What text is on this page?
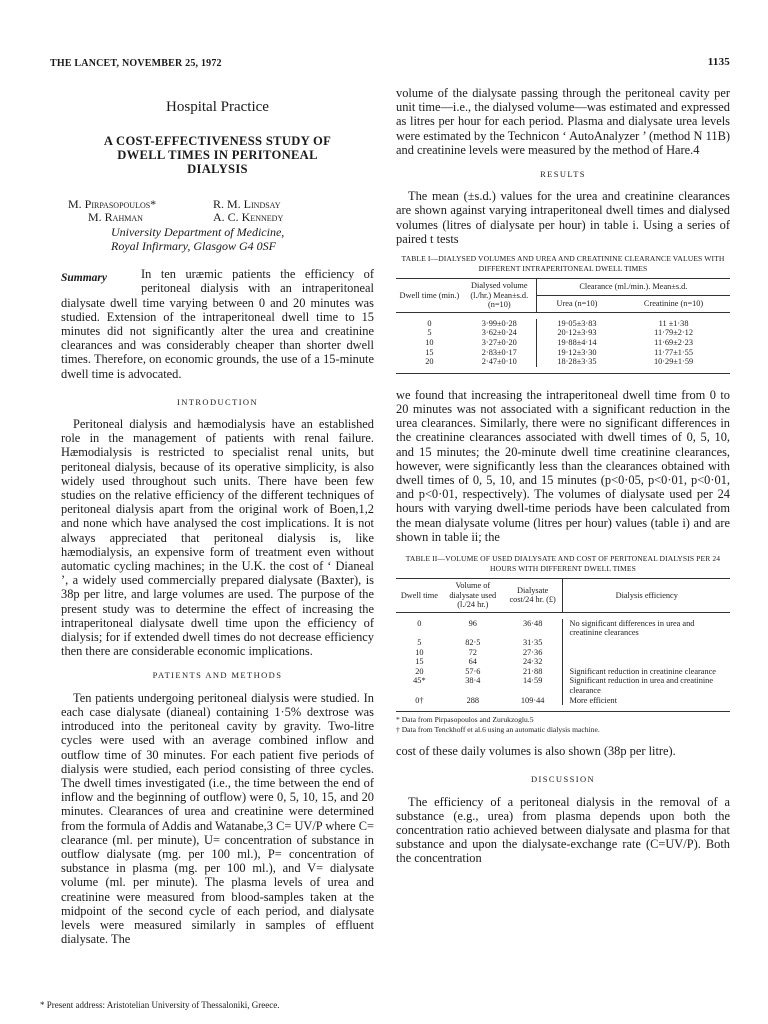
THE LANCET, NOVEMBER 25, 1972	1135
Hospital Practice
A COST-EFFECTIVENESS STUDY OF
DWELL TIMES IN PERITONEAL
DIALYSIS
M. Pirpasopoulos*	R. M. Lindsay
M. Rahman	A. C. Kennedy
University Department of Medicine,
Royal Infirmary, Glasgow G4 0SF
Summary	In ten uræmic patients the efficiency of peritoneal dialysis with an intraperitoneal dialysate dwell time varying between 0 and 20 minutes was studied. Extension of the intraperitoneal dwell time to 15 minutes did not significantly alter the urea and creatinine clearances and was considerably cheaper than shorter dwell times. Therefore, on economic grounds, the use of a 15-minute dwell time is advocated.

INTRODUCTION

Peritoneal dialysis and hæmodialysis have an established role in the management of patients with renal failure. Hæmodialysis is restricted to specialist renal units, but peritoneal dialysis, because of its operative simplicity, is also widely used throughout such units. There have been few studies on the relative efficiency of the different techniques of peritoneal dialysis apart from the original work of Boen,1,2 and none which have analysed the cost implications. It is not always appreciated that peritoneal dialysis is, like hæmodialysis, an expensive form of treatment even without automatic cycling machines; in the U.K. the cost of ‘ Dianeal ’, a widely used commercially prepared dialysate (Baxter), is 38p per litre, and large volumes are used. The purpose of the present study was to determine the effect of increasing the intraperitoneal dialysate dwell time upon the efficiency of dialysis; for if extended dwell times do not decrease efficiency then there are considerable economic implications.

PATIENTS AND METHODS

Ten patients undergoing peritoneal dialysis were studied. In each case dialysate (dianeal) containing 1·5% dextrose was introduced into the peritoneal cavity by gravity. Two-litre cycles were used with an average combined inflow and outflow time of 30 minutes. For each patient five periods of dialysis were studied, each period consisting of three cycles. The dwell times investigated (i.e., the time between the end of inflow and the beginning of outflow) were 0, 5, 10, 15, and 20 minutes. Clearances of urea and creatinine were determined from the formula of Addis and Watanabe,3 C= UV/P where C= clearance (ml. per minute), U= concentration of substance in outflow dialysate (mg. per 100 ml.), P= concentration of substance in plasma (mg. per 100 ml.), and V= dialysate volume (ml. per minute). The plasma levels of urea and creatinine were measured from blood-samples taken at the midpoint of the second cycle of each period, and dialysate levels were measured similarly in samples of effluent dialysate. The

* Present address: Aristotelian University of Thessaloniki, Greece.

volume of the dialysate passing through the peritoneal cavity per unit time—i.e., the dialysed volume—was estimated and expressed as litres per hour for each period. Plasma and dialysate urea levels were estimated by the Technicon ‘ AutoAnalyzer ’ (method N 11B) and creatinine levels were measured by the method of Hare.4

RESULTS

The mean (±s.d.) values for the urea and creatinine clearances are shown against varying intraperitoneal dwell times and dialysed volumes (litres of dialysate per hour) in table i. Using a series of paired t tests

TABLE I—DIALYSED VOLUMES AND UREA AND CREATININE CLEARANCE VALUES WITH DIFFERENT INTRAPERITONEAL DWELL TIMES
Dwell time (min.)	Dialysed volume (l./hr.) Mean±s.d. (n=10)	Clearance (ml./min.). Mean±s.d.	
		Urea (n=10)	Creatinine (n=10)

0	3·99±0·28	19·05±3·83	11 ±1·38
5	3·62±0·24	20·12±3·93	11·79±2·12
10	3·27±0·20	19·88±4·14	11·69±2·23
15	2·83±0·17	19·12±3·30	11·77±1·55
20	2·47±0·10	18·28±3·35	10·29±1·59

we found that increasing the intraperitoneal dwell time from 0 to 20 minutes was not associated with a significant reduction in the urea clearances. Similarly, there were no significant differences in the creatinine clearances associated with dwell times of 0, 5, 10, and 15 minutes; the 20-minute dwell time creatinine clearances, however, were significantly less than the clearances obtained with dwell times of 0, 5, 10, and 15 minutes (p<0·05, p<0·01, p<0·01, and p<0·01, respectively). The volumes of dialysate used per 24 hours with varying dwell-time periods have been calculated from the mean dialysate volume (litres per hour) values (table i) and are shown in table ii; the

TABLE II—VOLUME OF USED DIALYSATE AND COST OF PERITONEAL DIALYSIS PER 24 HOURS WITH DIFFERENT DWELL TIMES
Dwell time	Volume of dialysate used (l./24 hr.)	Dialysate cost/24 hr. (£)	Dialysis efficiency

0	96	36·48	No significant differences in urea and creatinine clearances
5	82·5	31·35	
10	72	27·36	
15	64	24·32	
20	57·6	21·88	Significant reduction in creatinine clearance
45*	38·4	14·59	Significant reduction in urea and creatinine clearance
0†	288	109·44	More efficient

* Data from Pirpasopoulos and Zurukzoglu.5
† Data from Tenckhoff et al.6 using an automatic dialysis machine.

cost of these daily volumes is also shown (38p per litre).

DISCUSSION

The efficiency of a peritoneal dialysis in the removal of a substance (e.g., urea) from plasma depends upon both the concentration ratio achieved between dialysate and plasma for that substance and upon the dialysate-exchange rate (C=UV/P). Both the concentration
